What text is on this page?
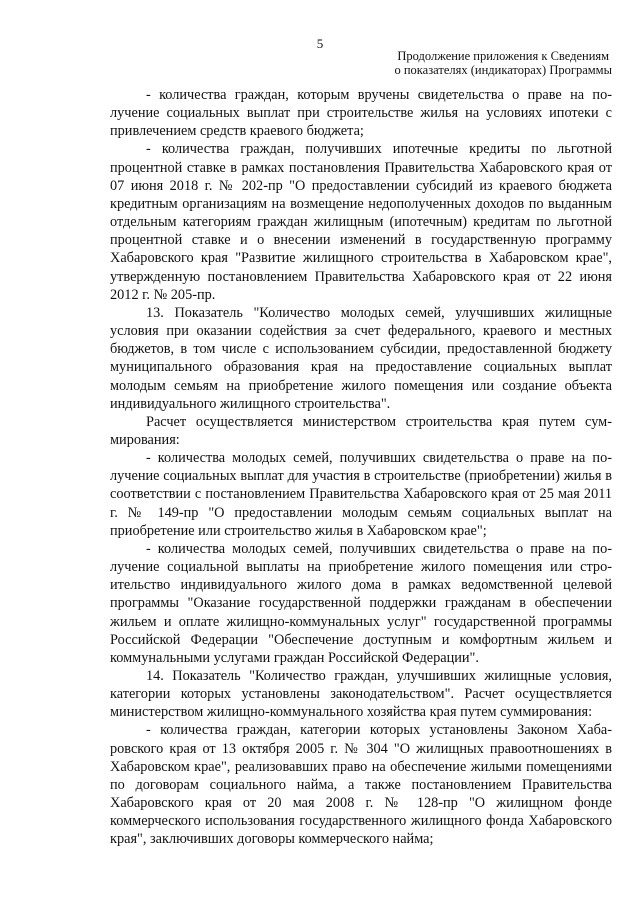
5
Продолжение приложения к Сведениям
о показателях (индикаторах) Программы

- количества граждан, которым вручены свидетельства о праве на получение социальных выплат при строительстве жилья на условиях ипотеки с привлечением средств краевого бюджета;

- количества граждан, получивших ипотечные кредиты по льготной процентной ставке в рамках постановления Правительства Хабаровского края от 07 июня 2018 г. № 202-пр "О предоставлении субсидий из краевого бюджета кредитным организациям на возмещение недополученных доходов по выданным отдельным категориям граждан жилищным (ипотечным) кредитам по льготной процентной ставке и о внесении изменений в государственную программу Хабаровского края "Развитие жилищного строительства в Хабаровском крае", утвержденную постановлением Правительства Хабаровского края от 22 июня 2012 г. № 205-пр.

13. Показатель "Количество молодых семей, улучшивших жилищные условия при оказании содействия за счет федерального, краевого и местных бюджетов, в том числе с использованием субсидии, предоставленной бюджету муниципального образования края на предоставление социальных выплат молодым семьям на приобретение жилого помещения или создание объекта индивидуального жилищного строительства".

Расчет осуществляется министерством строительства края путем суммирования:

- количества молодых семей, получивших свидетельства о праве на получение социальных выплат для участия в строительстве (приобретении) жилья в соответствии с постановлением Правительства Хабаровского края от 25 мая 2011 г. № 149-пр "О предоставлении молодым семьям социальных выплат на приобретение или строительство жилья в Хабаровском крае";

- количества молодых семей, получивших свидетельства о праве на получение социальной выплаты на приобретение жилого помещения или строительство индивидуального жилого дома в рамках ведомственной целевой программы "Оказание государственной поддержки гражданам в обеспечении жильем и оплате жилищно-коммунальных услуг" государственной программы Российской Федерации "Обеспечение доступным и комфортным жильем и коммунальными услугами граждан Российской Федерации".

14. Показатель "Количество граждан, улучшивших жилищные условия, категории которых установлены законодательством". Расчет осуществляется министерством жилищно-коммунального хозяйства края путем суммирования:

- количества граждан, категории которых установлены Законом Хабаровского края от 13 октября 2005 г. № 304 "О жилищных правоотношениях в Хабаровском крае", реализовавших право на обеспечение жилыми помещениями по договорам социального найма, а также постановлением Правительства Хабаровского края от 20 мая 2008 г. № 128-пр "О жилищном фонде коммерческого использования государственного жилищного фонда Хабаровского края", заключивших договоры коммерческого найма;
